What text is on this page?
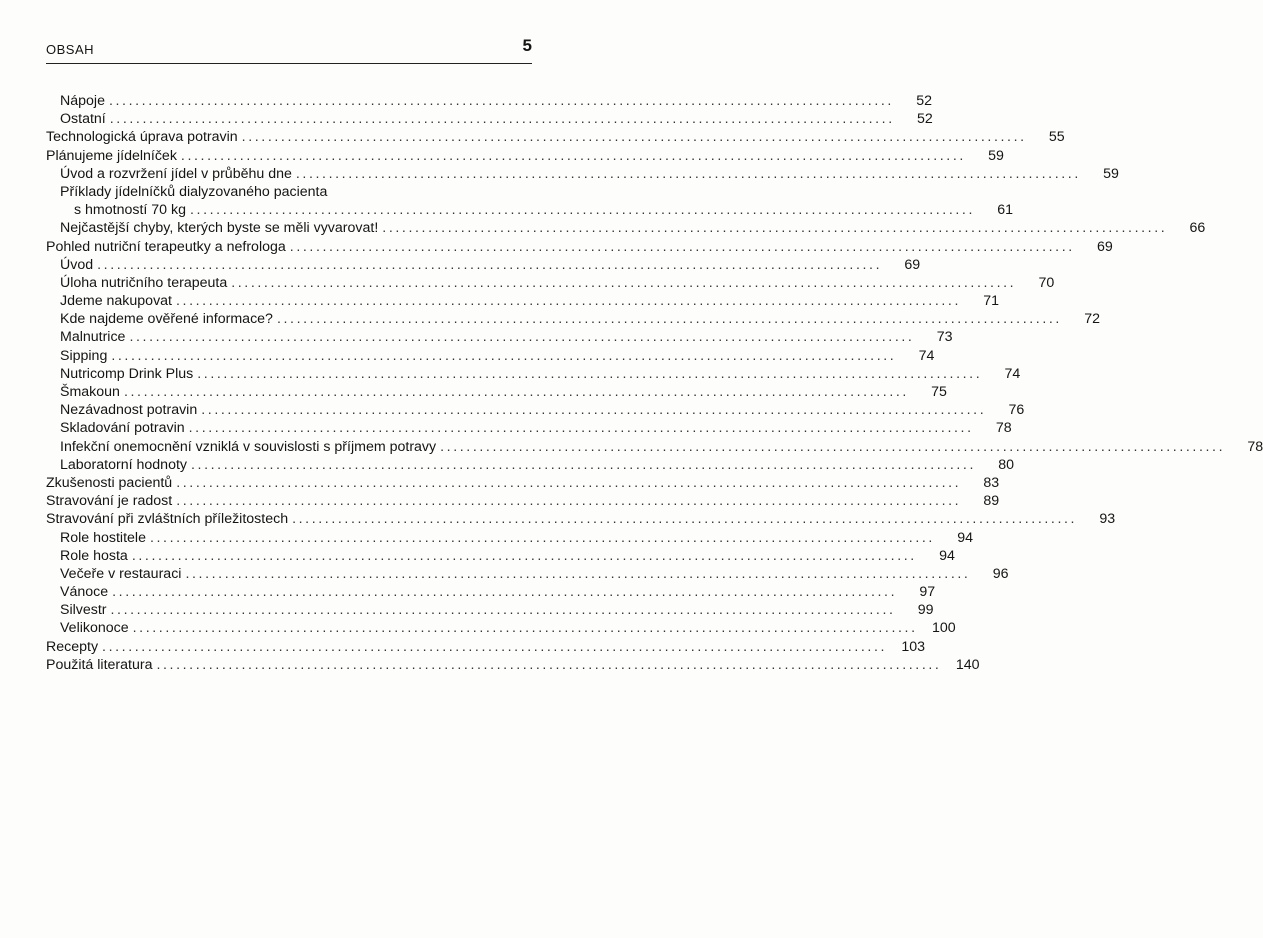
OBSAH	5
Nápoje ........................................................................................................................	52
Ostatní ........................................................................................................................	52
Technologická úprava potravin ........................................................................................................................	55
Plánujeme jídelníček ........................................................................................................................	59
Úvod a rozvržení jídel v průběhu dne ........................................................................................................................	59
Příklady jídelníčků dialyzovaného pacienta
s hmotností 70 kg ........................................................................................................................	61
Nejčastější chyby, kterých byste se měli vyvarovat! ........................................................................................................................	66
Pohled nutriční terapeutky a nefrologa ........................................................................................................................	69
Úvod ........................................................................................................................	69
Úloha nutričního terapeuta ........................................................................................................................	70
Jdeme nakupovat ........................................................................................................................	71
Kde najdeme ověřené informace? ........................................................................................................................	72
Malnutrice ........................................................................................................................	73
Sipping ........................................................................................................................	74
Nutricomp Drink Plus ........................................................................................................................	74
Šmakoun ........................................................................................................................	75
Nezávadnost potravin ........................................................................................................................	76
Skladování potravin ........................................................................................................................	78
Infekční onemocnění vzniklá v souvislosti s příjmem potravy ........................................................................................................................	78
Laboratorní hodnoty ........................................................................................................................	80
Zkušenosti pacientů ........................................................................................................................	83
Stravování je radost ........................................................................................................................	89
Stravování při zvláštních příležitostech ........................................................................................................................	93
Role hostitele ........................................................................................................................	94
Role hosta ........................................................................................................................	94
Večeře v restauraci ........................................................................................................................	96
Vánoce ........................................................................................................................	97
Silvestr ........................................................................................................................	99
Velikonoce ........................................................................................................................	100
Recepty ........................................................................................................................	103
Použitá literatura ........................................................................................................................	140
